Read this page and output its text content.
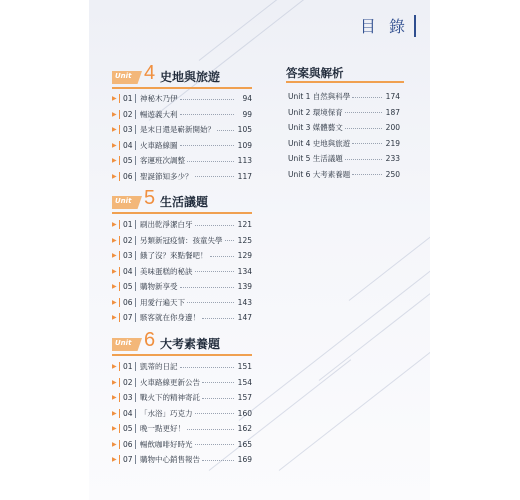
目 錄
Unit 4 史地與旅遊
▶ 01 神秘木乃伊	94
▶ 02 暢遊義大利	99
▶ 03 是末日還是嶄新開始？	105
▶ 04 火車路線圖	109
▶ 05 客運班次調整	113
▶ 06 聖誕節知多少？	117
Unit 5 生活議題
▶ 01 刷出乾淨潔白牙	121
▶ 02 另類新冠疫情：孩童失學 125
▶ 03 餓了沒？來點餐吧！	129
▶ 04 美味蛋糕的秘訣	134
▶ 05 購物新享受	139
▶ 06 用愛行遍天下	143
▶ 07 駭客就在你身邊！	147
Unit 6 大考素養題
▶ 01 凱蒂的日記	151
▶ 02 火車路線更新公告	154
▶ 03 戰火下的精神寄託	157
▶ 04 「水浴」巧克力	160
▶ 05 晚一點更好！	162
▶ 06 暢飲咖啡好時光	165
▶ 07 購物中心銷售報告	169
答案與解析
Unit 1 自然與科學	174
Unit 2 環境保育	187
Unit 3 媒體藝文	200
Unit 4 史地與旅遊	219
Unit 5 生活議題	233
Unit 6 大考素養題	250
